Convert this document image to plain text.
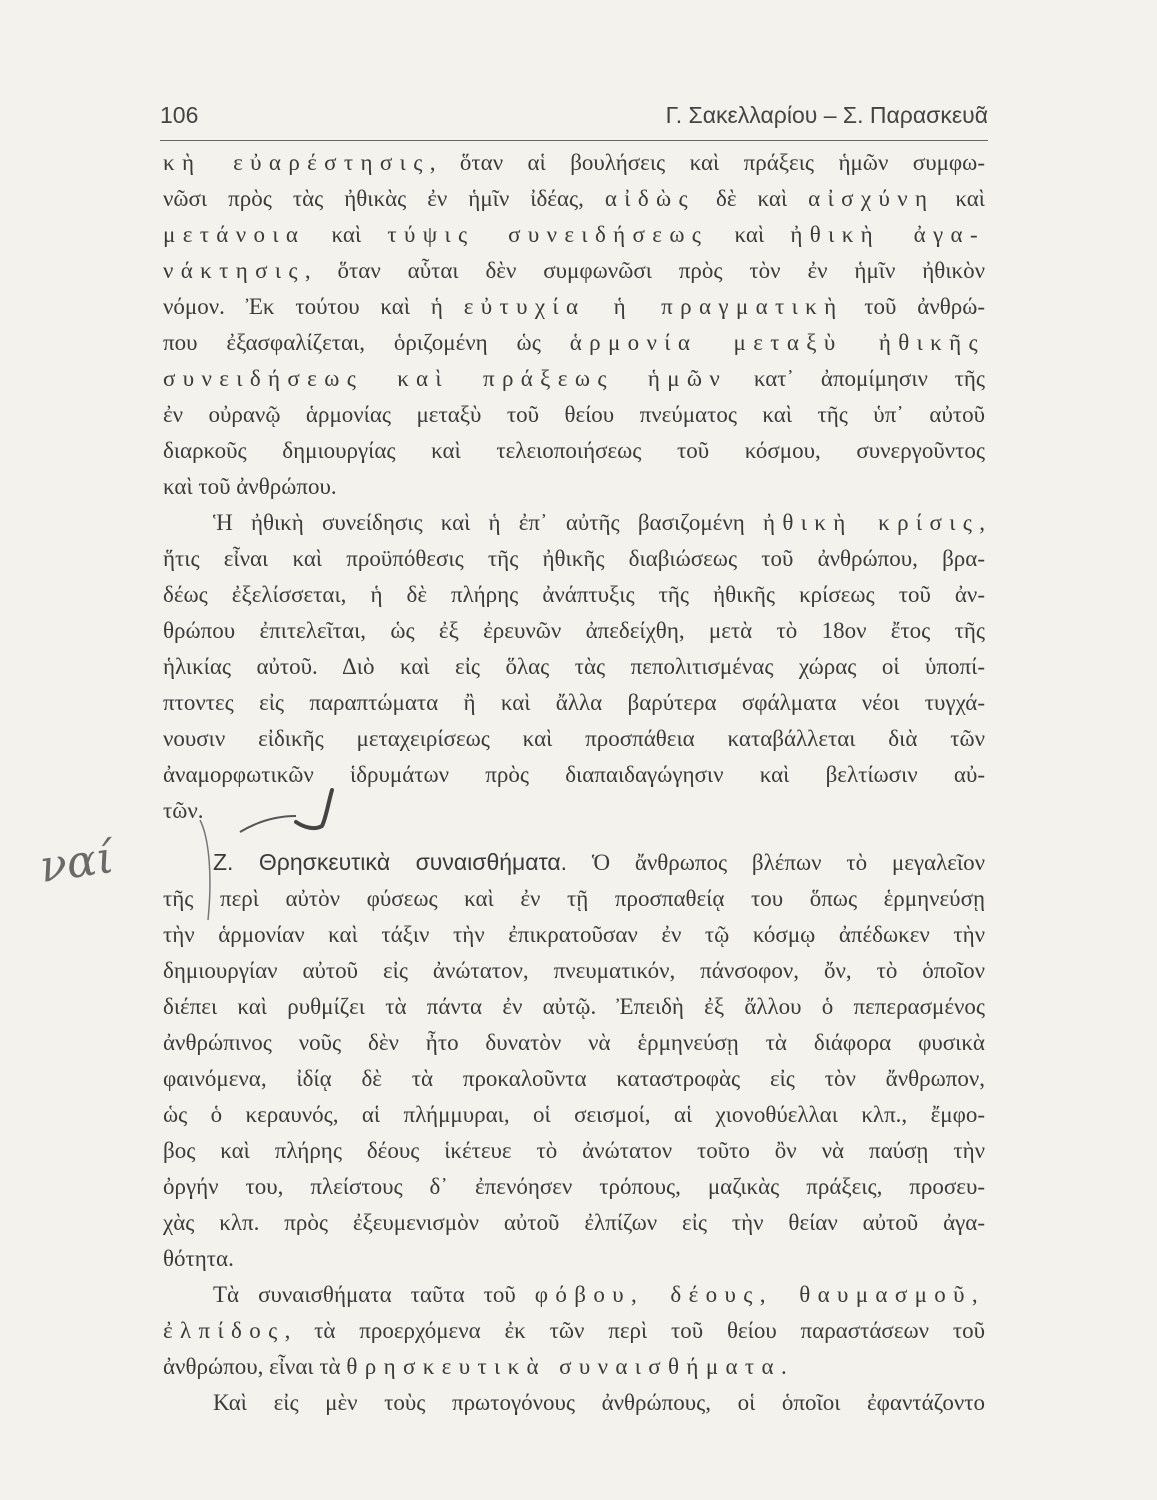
106	Γ. Σακελλαρίου – Σ. Παρασκευᾶ
κὴ εὐαρέστησις, ὅταν αἱ βουλήσεις καὶ πράξεις ἡμῶν συμφω-
νῶσι πρὸς τὰς ἠθικὰς ἐν ἡμῖν ἰδέας, αἰδὼς δὲ καὶ αἰσχύνη καὶ
μετάνοια καὶ τύψις συνειδήσεως καὶ ἠθικὴ ἀγα-
νάκτησις, ὅταν αὗται δὲν συμφωνῶσι πρὸς τὸν ἐν ἡμῖν ἠθικὸν
νόμον. Ἐκ τούτου καὶ ἡ εὐτυχία ἡ πραγματικὴ τοῦ ἀνθρώ-
που ἐξασφαλίζεται, ὁριζομένη ὡς ἁρμονία μεταξὺ ἠθικῆς
συνειδήσεως καὶ πράξεως ἡμῶν κατ᾿ ἀπομίμησιν τῆς
ἐν οὐρανῷ ἁρμονίας μεταξὺ τοῦ θείου πνεύματος καὶ τῆς ὑπ᾿ αὐτοῦ
διαρκοῦς δημιουργίας καὶ τελειοποιήσεως τοῦ κόσμου, συνεργοῦντος
καὶ τοῦ ἀνθρώπου.
Ἡ ἠθικὴ συνείδησις καὶ ἡ ἐπ᾿ αὐτῆς βασιζομένη ἠθικὴ κρίσις,
ἥτις εἶναι καὶ προϋπόθεσις τῆς ἠθικῆς διαβιώσεως τοῦ ἀνθρώπου, βρα-
δέως ἐξελίσσεται, ἡ δὲ πλήρης ἀνάπτυξις τῆς ἠθικῆς κρίσεως τοῦ ἀν-
θρώπου ἐπιτελεῖται, ὡς ἐξ ἐρευνῶν ἀπεδείχθη, μετὰ τὸ 18ον ἔτος τῆς
ἡλικίας αὐτοῦ. Διὸ καὶ εἰς ὅλας τὰς πεπολιτισμένας χώρας οἱ ὑποπί-
πτοντες εἰς παραπτώματα ἢ καὶ ἄλλα βαρύτερα σφάλματα νέοι τυγχά-
νουσιν εἰδικῆς μεταχειρίσεως καὶ προσπάθεια καταβάλλεται διὰ τῶν
ἀναμορφωτικῶν ἱδρυμάτων πρὸς διαπαιδαγώγησιν καὶ βελτίωσιν αὐ-
τῶν.
Ζ. Θρησκευτικὰ συναισθήματα. Ὁ ἄνθρωπος βλέπων τὸ μεγαλεῖον
τῆς περὶ αὐτὸν φύσεως καὶ ἐν τῇ προσπαθείᾳ του ὅπως ἑρμηνεύσῃ
τὴν ἁρμονίαν καὶ τάξιν τὴν ἐπικρατοῦσαν ἐν τῷ κόσμῳ ἀπέδωκεν τὴν
δημιουργίαν αὐτοῦ εἰς ἀνώτατον, πνευματικόν, πάνσοφον, ὄν, τὸ ὁποῖον
διέπει καὶ ρυθμίζει τὰ πάντα ἐν αὐτῷ. Ἐπειδὴ ἐξ ἄλλου ὁ πεπερασμένος
ἀνθρώπινος νοῦς δὲν ἦτο δυνατὸν νὰ ἑρμηνεύσῃ τὰ διάφορα φυσικὰ
φαινόμενα, ἰδίᾳ δὲ τὰ προκαλοῦντα καταστροφὰς εἰς τὸν ἄνθρωπον,
ὡς ὁ κεραυνός, αἱ πλήμμυραι, οἱ σεισμοί, αἱ χιονοθύελλαι κλπ., ἔμφο-
βος καὶ πλήρης δέους ἱκέτευε τὸ ἀνώτατον τοῦτο ὂν νὰ παύσῃ τὴν
ὀργήν του, πλείστους δ᾿ ἐπενόησεν τρόπους, μαζικὰς πράξεις, προσευ-
χὰς κλπ. πρὸς ἐξευμενισμὸν αὐτοῦ ἐλπίζων εἰς τὴν θείαν αὐτοῦ ἀγα-
θότητα.
Τὰ συναισθήματα ταῦτα τοῦ φόβου, δέους, θαυμασμοῦ,
ἐλπίδος, τὰ προερχόμενα ἐκ τῶν περὶ τοῦ θείου παραστάσεων τοῦ
ἀνθρώπου, εἶναι τὰ θρησκευτικὰ συναισθήματα.
Καὶ εἰς μὲν τοὺς πρωτογόνους ἀνθρώπους, οἱ ὁποῖοι ἐφαντάζοντο
ναί
